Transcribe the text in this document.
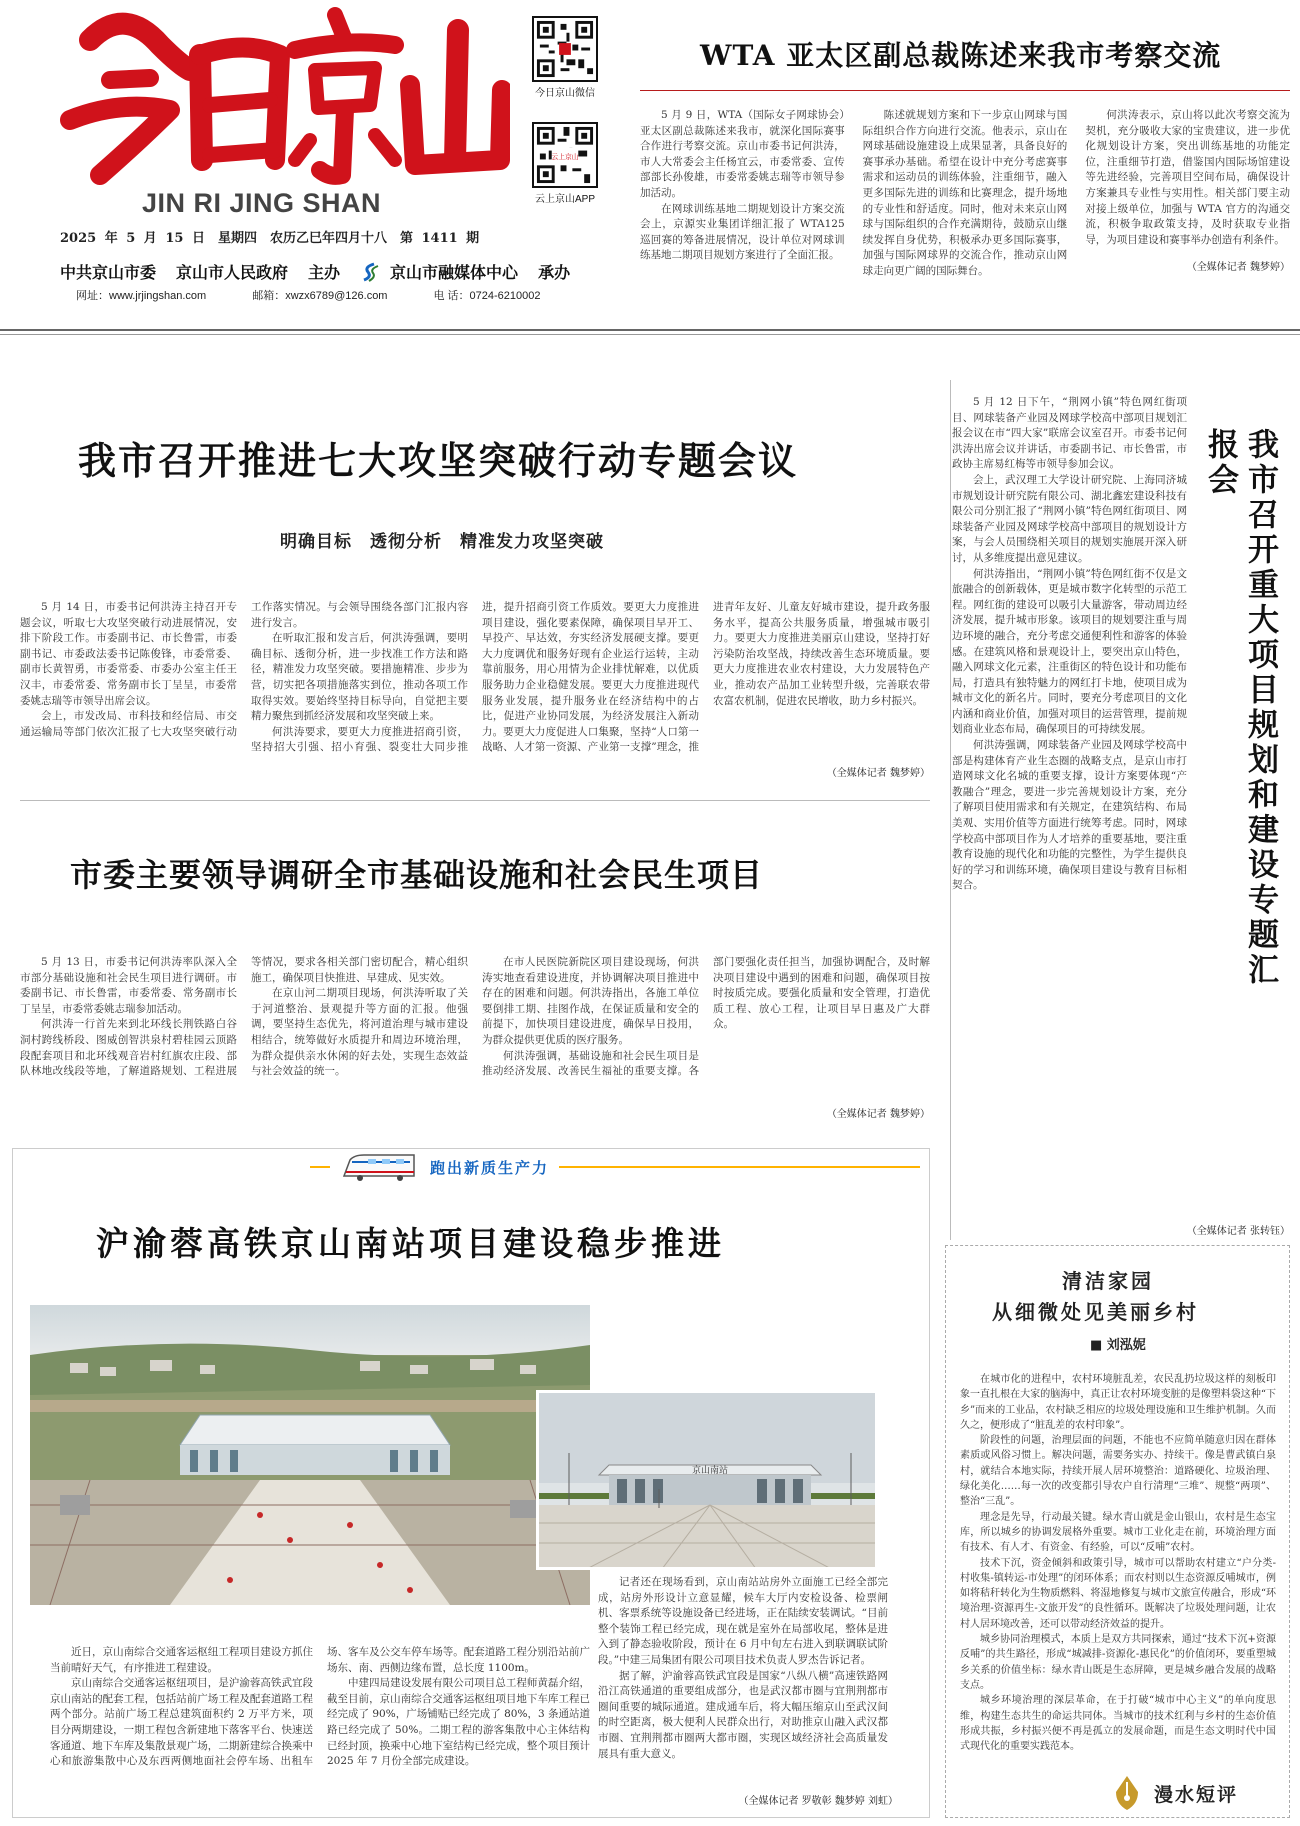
JIN RI JING SHAN
2025 年 5 月 15 日　星期四　农历乙巳年四月十八　第 1411 期
中共京山市委 京山市人民政府 主办	京山市融媒体中心 承办
网址：www.jrjingshan.com	邮箱：xwzx6789@126.com	电 话：0724-6210002
今日京山微信
云上京山
云上京山APP
WTA 亚太区副总裁陈述来我市考察交流

5 月 9 日，WTA（国际女子网球协会）亚太区副总裁陈述来我市，就深化国际赛事合作进行考察交流。京山市委书记何洪涛，市人大常委会主任杨宜云，市委常委、宣传部部长孙俊雄，市委常委姚志瑞等市领导参加活动。

在网球训练基地二期规划设计方案交流会上，京源实业集团详细汇报了 WTA125 巡回赛的筹备进展情况，设计单位对网球训练基地二期项目规划方案进行了全面汇报。

陈述就规划方案和下一步京山网球与国际组织合作方向进行交流。他表示，京山在网球基础设施建设上成果显著，具备良好的赛事承办基础。希望在设计中充分考虑赛事需求和运动员的训练体验，注重细节，融入更多国际先进的训练和比赛理念，提升场地的专业性和舒适度。同时，他对未来京山网球与国际组织的合作充满期待，鼓励京山继续发挥自身优势，积极承办更多国际赛事，加强与国际网球界的交流合作，推动京山网球走向更广阔的国际舞台。

何洪涛表示，京山将以此次考察交流为契机，充分吸收大家的宝贵建议，进一步优化规划设计方案，突出训练基地的功能定位，注重细节打造，借鉴国内国际场馆建设等先进经验，完善项目空间布局，确保设计方案兼具专业性与实用性。相关部门要主动对接上级单位，加强与 WTA 官方的沟通交流，积极争取政策支持，及时获取专业指导，为项目建设和赛事举办创造有利条件。

（全媒体记者 魏梦婷）
我市召开推进七大攻坚突破行动专题会议
明确目标　透彻分析　精准发力攻坚突破

5 月 14 日，市委书记何洪涛主持召开专题会议，听取七大攻坚突破行动进展情况，安排下阶段工作。市委副书记、市长鲁雷，市委副书记、市委政法委书记陈俊锋，市委常委、副市长黄智勇，市委常委、市委办公室主任王汉丰，市委常委、常务副市长丁呈呈，市委常委姚志瑞等市领导出席会议。

会上，市发改局、市科技和经信局、市交通运输局等部门依次汇报了七大攻坚突破行动工作落实情况。与会领导围绕各部门汇报内容进行发言。

在听取汇报和发言后，何洪涛强调，要明确目标、透彻分析，进一步找准工作方法和路径，精准发力攻坚突破。要措施精准、步步为营，切实把各项措施落实到位，推动各项工作取得实效。要始终坚持目标导向，自觉把主要精力聚焦到抓经济发展和攻坚突破上来。

何洪涛要求，要更大力度推进招商引资，坚持招大引强、招小育强、裂变壮大同步推进，提升招商引资工作质效。要更大力度推进项目建设，强化要素保障，确保项目早开工、早投产、早达效，夯实经济发展硬支撑。要更大力度调优和服务好现有企业运行运转，主动靠前服务，用心用情为企业排忧解难，以优质服务助力企业稳健发展。要更大力度推进现代服务业发展，提升服务业在经济结构中的占比，促进产业协同发展，为经济发展注入新动力。要更大力度促进人口集聚，坚持“人口第一战略、人才第一资源、产业第一支撑”理念，推进青年友好、儿童友好城市建设，提升政务服务水平，提高公共服务质量，增强城市吸引力。要更大力度推进美丽京山建设，坚持打好污染防治攻坚战，持续改善生态环境质量。要更大力度推进农业农村建设，大力发展特色产业，推动农产品加工业转型升级，完善联农带农富农机制，促进农民增收，助力乡村振兴。

（全媒体记者 魏梦婷）
市委主要领导调研全市基础设施和社会民生项目

5 月 13 日，市委书记何洪涛率队深入全市部分基础设施和社会民生项目进行调研。市委副书记、市长鲁雷，市委常委、常务副市长丁呈呈，市委常委姚志瑞参加活动。

何洪涛一行首先来到北环线长荆铁路白谷洞村跨线桥段、图威创智洪泉村碧桂园云顶路段配套项目和北环线观音岩村红旗农庄段、部队林地改线段等地，了解道路规划、工程进展等情况，要求各相关部门密切配合，精心组织施工，确保项目快推进、早建成、见实效。

在京山河二期项目现场，何洪涛听取了关于河道整治、景观提升等方面的汇报。他强调，要坚持生态优先，将河道治理与城市建设相结合，统筹做好水质提升和周边环境治理，为群众提供亲水休闲的好去处，实现生态效益与社会效益的统一。

在市人民医院新院区项目建设现场，何洪涛实地查看建设进度，并协调解决项目推进中存在的困难和问题。何洪涛指出，各施工单位要倒排工期、挂图作战，在保证质量和安全的前提下，加快项目建设进度，确保早日投用，为群众提供更优质的医疗服务。

何洪涛强调，基础设施和社会民生项目是推动经济发展、改善民生福祉的重要支撑。各部门要强化责任担当，加强协调配合，及时解决项目建设中遇到的困难和问题，确保项目按时按质完成。要强化质量和安全管理，打造优质工程、放心工程，让项目早日惠及广大群众。

（全媒体记者 魏梦婷）

5 月 12 日下午，“荆网小镇”特色网红街项目、网球装备产业园及网球学校高中部项目规划汇报会议在市“四大家”联席会议室召开。市委书记何洪涛出席会议并讲话，市委副书记、市长鲁雷，市政协主席易红梅等市领导参加会议。

会上，武汉理工大学设计研究院、上海同济城市规划设计研究院有限公司、湖北鑫宏建设科技有限公司分别汇报了“荆网小镇”特色网红街项目、网球装备产业园及网球学校高中部项目的规划设计方案，与会人员围绕相关项目的规划实施展开深入研讨，从多维度提出意见建议。

何洪涛指出，“荆网小镇”特色网红街不仅是文旅融合的创新载体，更是城市数字化转型的示范工程。网红街的建设可以吸引大量游客，带动周边经济发展，提升城市形象。该项目的规划要注重与周边环境的融合，充分考虑交通便利性和游客的体验感。在建筑风格和景观设计上，要突出京山特色，融入网球文化元素，注重街区的特色设计和功能布局，打造具有独特魅力的网红打卡地，使项目成为城市文化的新名片。同时，要充分考虑项目的文化内涵和商业价值，加强对项目的运营管理，提前规划商业业态布局，确保项目的可持续发展。

何洪涛强调，网球装备产业园及网球学校高中部是构建体育产业生态圈的战略支点，是京山市打造网球文化名城的重要支撑，设计方案要体现“产教融合”理念，要进一步完善规划设计方案，充分了解项目使用需求和有关规定，在建筑结构、布局美观、实用价值等方面进行统筹考虑。同时，网球学校高中部项目作为人才培养的重要基地，要注重教育设施的现代化和功能的完整性，为学生提供良好的学习和训练环境，确保项目建设与教育目标相契合。	我市召开重大项目规划和建设专题汇报会
（全媒体记者 张转钰）
跑出新质生产力
沪渝蓉高铁京山南站项目建设稳步推进
京山南站

记者还在现场看到，京山南站站房外立面施工已经全部完成，站房外形设计立意显耀，候车大厅内安检设备、检票闸机、客票系统等设施设备已经进场，正在陆续安装调试。“目前整个装饰工程已经完成，现在就是室外在局部收尾，整体是进入到了静态验收阶段，预计在 6 月中旬左右进入到联调联试阶段。”中建三局集团有限公司项目技术负责人罗杰告诉记者。

据了解，沪渝蓉高铁武宜段是国家“八纵八横”高速铁路网沿江高铁通道的重要组成部分，也是武汉都市圈与宜荆荆都市圈间重要的城际通道。建成通车后，将大幅压缩京山至武汉间的时空距离，极大便利人民群众出行，对助推京山融入武汉都市圈、宜荆荆都市圈两大都市圈，实现区域经济社会高质量发展具有重大意义。

近日，京山南综合交通客运枢纽工程项目建设方抓住当前晴好天气，有序推进工程建设。

京山南综合交通客运枢纽项目，是沪渝蓉高铁武宜段京山南站的配套工程，包括站前广场工程及配套道路工程两个部分。站前广场工程总建筑面积约 2 万平方米，项目分两期建设，一期工程包含新建地下落客平台、快速送客通道、地下车库及集散景观广场，二期新建综合换乘中心和旅游集散中心及东西两侧地面社会停车场、出租车场、客车及公交车停车场等。配套道路工程分别沿站前广场东、南、西侧边缘布置，总长度 1100m。

中建四局建设发展有限公司项目总工程师黄磊介绍，截至目前，京山南综合交通客运枢纽项目地下车库工程已经完成了 90%，广场铺贴已经完成了 80%，3 条通站道路已经完成了 50%。二期工程的游客集散中心主体结构已经封顶，换乘中心地下室结构已经完成，整个项目预计 2025 年 7 月份全部完成建设。

（全媒体记者 罗敬彰 魏梦婷 刘虹）
清洁家园
从细微处见美丽乡村
■ 刘泓妮

在城市化的进程中，农村环境脏乱差，农民乱扔垃圾这样的刻板印象一直扎根在大家的脑海中，真正让农村环境变脏的是像塑料袋这种“下乡”而来的工业品，农村缺乏相应的垃圾处理设施和卫生维护机制。久而久之，便形成了“脏乱差的农村印象”。

阶段性的问题，治理层面的问题，不能也不应简单随意归因在群体素质或风俗习惯上。解决问题，需要务实办、持续干。像是曹武镇白泉村，就结合本地实际，持续开展人居环境整治：道路硬化、垃圾治理、绿化美化……每一次的改变都引导农户自行清理“三堆”、规整“两项”、整治“三乱”。

理念是先导，行动最关键。绿水青山就是金山银山，农村是生态宝库，所以城乡的协调发展格外重要。城市工业化走在前，环境治理方面有技术、有人才、有资金、有经验，可以“反哺”农村。

技术下沉，资金倾斜和政策引导，城市可以帮助农村建立“户分类-村收集-镇转运-市处理”的闭环体系；而农村则以生态资源反哺城市，例如将秸秆转化为生物质燃料、将湿地修复与城市文旅宣传融合，形成“环境治理-资源再生-文旅开发”的良性循环。既解决了垃圾处理问题，让农村人居环境改善，还可以带动经济效益的提升。

城乡协同治理模式，本质上是双方共同探索，通过“技术下沉+资源反哺”的共生路径，形成“城减排-资源化-惠民化”的价值闭环，要重塑城乡关系的价值坐标：绿水青山既是生态屏障，更是城乡融合发展的战略支点。

城乡环境治理的深层革命，在于打破“城市中心主义”的单向度思维，构建生态共生的命运共同体。当城市的技术红利与乡村的生态价值形成共振，乡村振兴便不再是孤立的发展命题，而是生态文明时代中国式现代化的重要实践范本。

漫水短评
